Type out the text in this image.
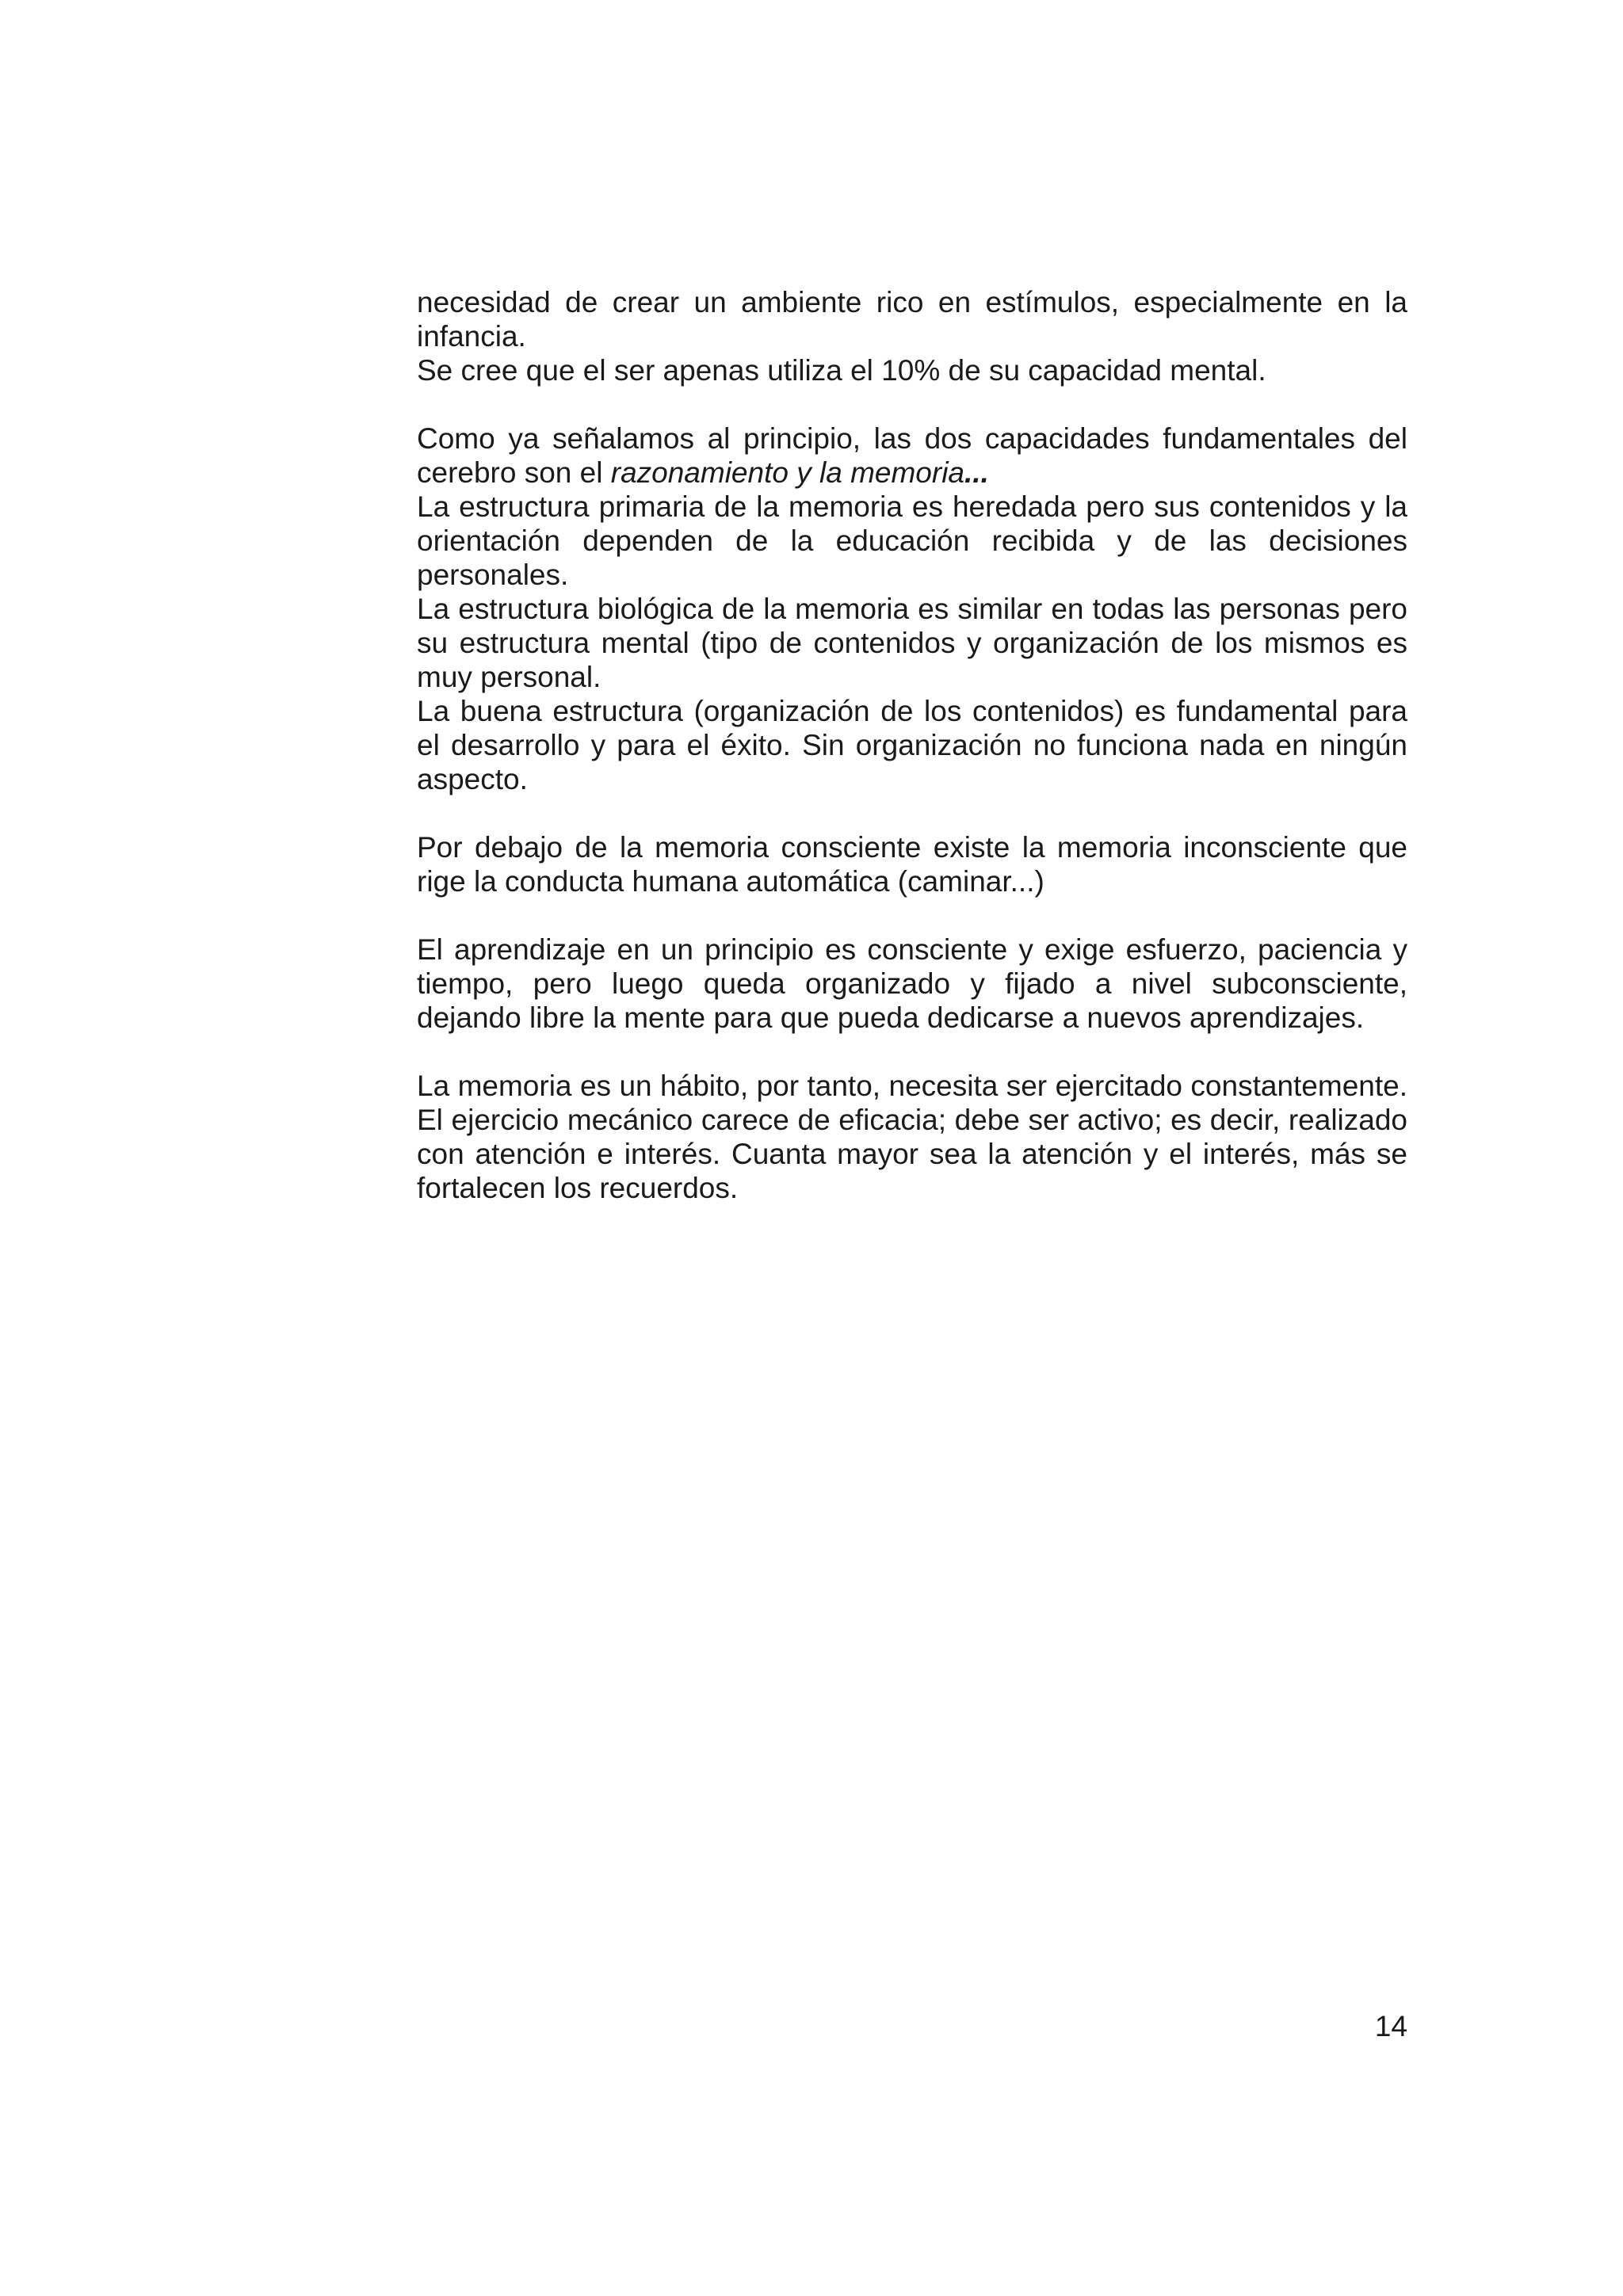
necesidad de crear un ambiente rico en estímulos, especialmente en la infancia.

Se cree que el ser apenas utiliza el 10% de su capacidad mental.

Como ya señalamos al principio, las dos capacidades fundamentales del cerebro son el razonamiento y la memoria...

La estructura primaria de la memoria es heredada pero sus contenidos y la orientación dependen de la educación recibida y de las decisiones personales.

La estructura biológica de la memoria es similar en todas las personas pero su estructura mental (tipo de contenidos y organización de los mismos es muy personal.

La buena estructura (organización de los contenidos) es fundamental para el desarrollo y para el éxito. Sin organización no funciona nada en ningún aspecto.

Por debajo de la memoria consciente existe la memoria inconsciente que rige la conducta humana automática (caminar...)

El aprendizaje en un principio es consciente y exige esfuerzo, paciencia y tiempo, pero luego queda organizado y fijado a nivel subconsciente, dejando libre la mente para que pueda dedicarse a nuevos aprendizajes.

La memoria es un hábito, por tanto, necesita ser ejercitado constantemente. El ejercicio mecánico carece de eficacia; debe ser activo; es decir, realizado con atención e interés. Cuanta mayor sea la atención y el interés, más se fortalecen los recuerdos.

14
